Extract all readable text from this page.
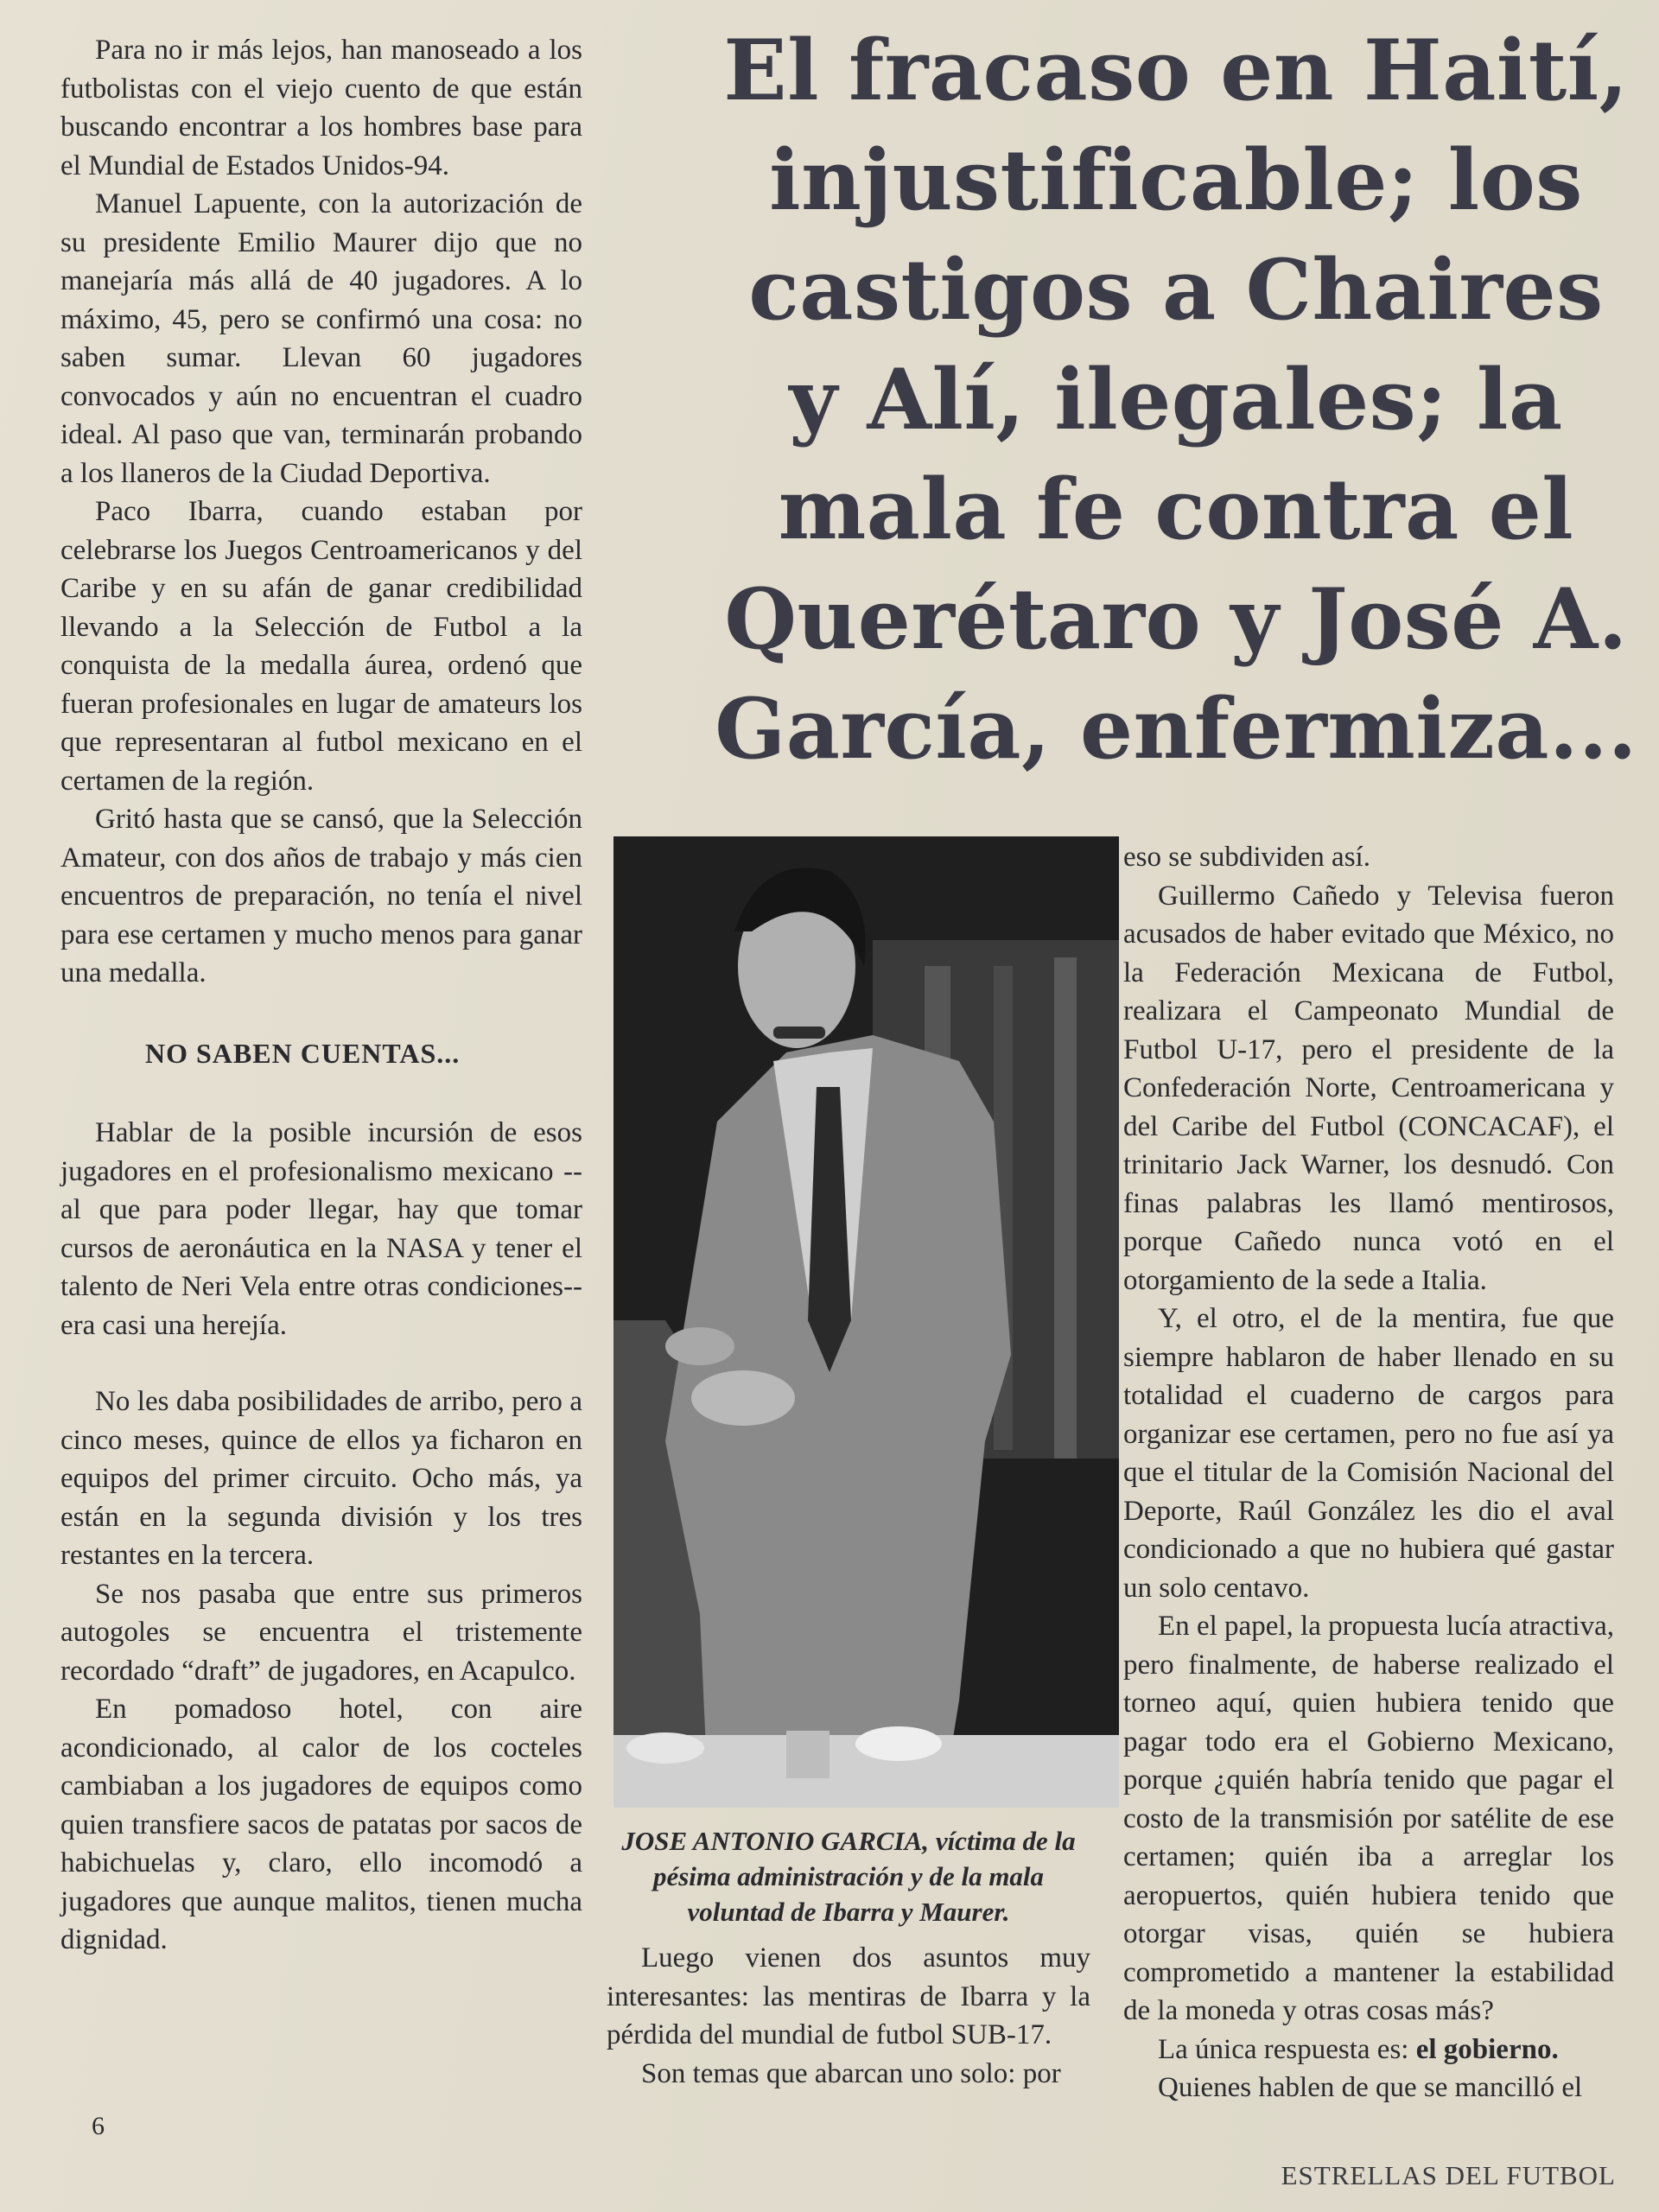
Para no ir más lejos, han manoseado a los futbolistas con el viejo cuento de que están buscando encontrar a los hombres base para el Mundial de Estados Unidos-94.

Manuel Lapuente, con la autorización de su presidente Emilio Maurer dijo que no manejaría más allá de 40 jugadores. A lo máximo, 45, pero se confirmó una cosa: no saben sumar. Llevan 60 jugadores convocados y aún no encuentran el cuadro ideal. Al paso que van, terminarán probando a los llaneros de la Ciudad Deportiva.

Paco Ibarra, cuando estaban por celebrarse los Juegos Centroamericanos y del Caribe y en su afán de ganar credibilidad llevando a la Selección de Futbol a la conquista de la medalla áurea, ordenó que fueran profesionales en lugar de amateurs los que representaran al futbol mexicano en el certamen de la región.

Gritó hasta que se cansó, que la Selección Amateur, con dos años de trabajo y más cien encuentros de preparación, no tenía el nivel para ese certamen y mucho menos para ganar una medalla.

NO SABEN CUENTAS...

Hablar de la posible incursión de esos jugadores en el profesionalismo mexicano --al que para poder llegar, hay que tomar cursos de aeronáutica en la NASA y tener el talento de Neri Vela entre otras condiciones-- era casi una herejía.

No les daba posibilidades de arribo, pero a cinco meses, quince de ellos ya ficharon en equipos del primer circuito. Ocho más, ya están en la segunda división y los tres restantes en la tercera.

Se nos pasaba que entre sus primeros autogoles se encuentra el tristemente recordado “draft” de jugadores, en Acapulco.

En pomadoso hotel, con aire acondicionado, al calor de los cocteles cambiaban a los jugadores de equipos como quien transfiere sacos de patatas por sacos de habichuelas y, claro, ello incomodó a jugadores que aunque malitos, tienen mucha dignidad.

El fracaso en Haití, injustificable; los castigos a Chaires y Alí, ilegales; la mala fe contra el Querétaro y José A. García, enfermiza...
JOSE ANTONIO GARCIA, víctima de la pésima administración y de la mala voluntad de Ibarra y Maurer.

Luego vienen dos asuntos muy interesantes: las mentiras de Ibarra y la pérdida del mundial de futbol SUB-17.

Son temas que abarcan uno solo: por

eso se subdividen así.

Guillermo Cañedo y Televisa fueron acusados de haber evitado que México, no la Federación Mexicana de Futbol, realizara el Campeonato Mundial de Futbol U-17, pero el presidente de la Confederación Norte, Centroamericana y del Caribe del Futbol (CONCACAF), el trinitario Jack Warner, los desnudó. Con finas palabras les llamó mentirosos, porque Cañedo nunca votó en el otorgamiento de la sede a Italia.

Y, el otro, el de la mentira, fue que siempre hablaron de haber llenado en su totalidad el cuaderno de cargos para organizar ese certamen, pero no fue así ya que el titular de la Comisión Nacional del Deporte, Raúl González les dio el aval condicionado a que no hubiera qué gastar un solo centavo.

En el papel, la propuesta lucía atractiva, pero finalmente, de haberse realizado el torneo aquí, quien hubiera tenido que pagar todo era el Gobierno Mexicano, porque ¿quién habría tenido que pagar el costo de la transmisión por satélite de ese certamen; quién iba a arreglar los aeropuertos, quién hubiera tenido que otorgar visas, quién se hubiera comprometido a mantener la estabilidad de la moneda y otras cosas más?

La única respuesta es: el gobierno.

Quienes hablen de que se mancilló el

6
ESTRELLAS DEL FUTBOL
